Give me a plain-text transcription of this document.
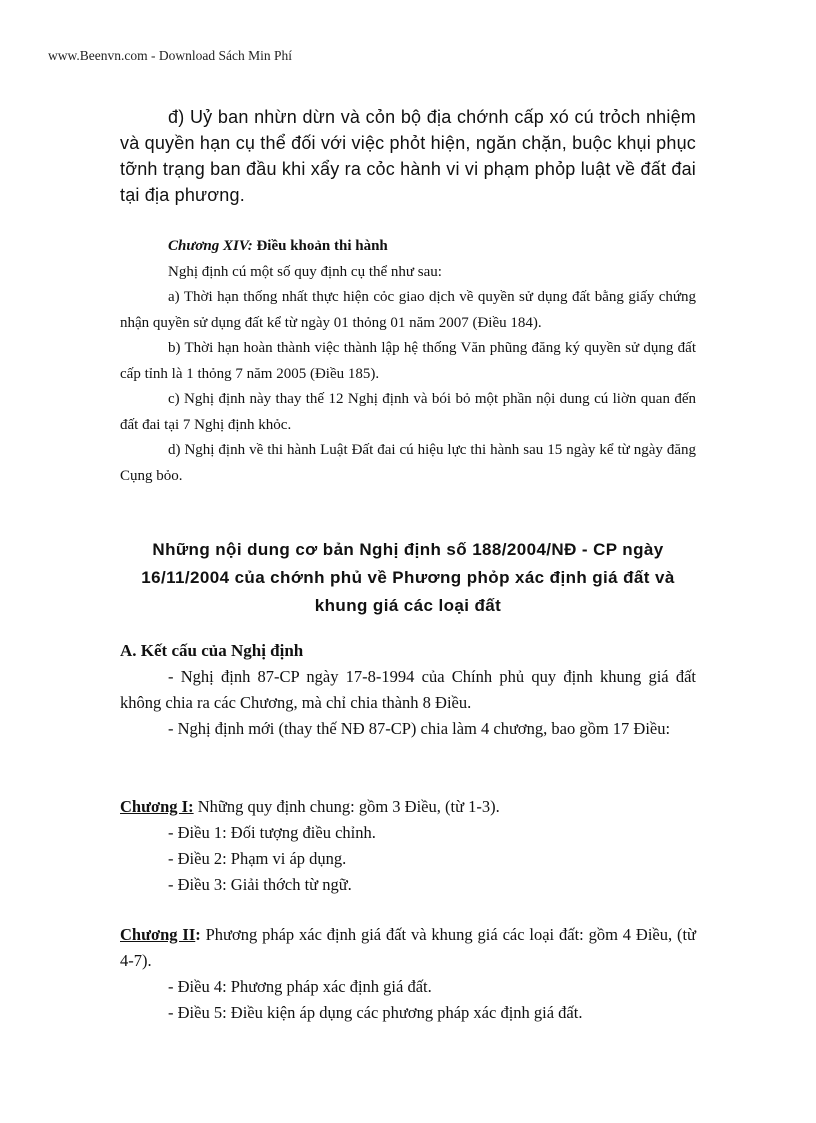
www.Beenvn.com - Download Sách Min Phí

đ) Uỷ ban nhừn dừn và cỏn bộ địa chớnh cấp xó cú trỏch nhiệm và quyền hạn cụ thể đối với việc phỏt hiện, ngăn chặn, buộc khụi phục tỡnh trạng ban đầu khi xẩy ra cỏc hành vi vi phạm phỏp luật về đất đai tại địa phương.

Chương XIV: Điều khoản thi hành

Nghị định cú một số quy định cụ thể như sau:

a) Thời hạn thống nhất thực hiện cỏc giao dịch về quyền sử dụng đất bằng giấy chứng nhận quyền sử dụng đất kể từ ngày 01 thỏng 01 năm 2007 (Điều 184).

b) Thời hạn hoàn thành việc thành lập hệ thống Văn phũng đăng ký quyền sử dụng đất cấp tỉnh là 1 thỏng 7 năm 2005 (Điều 185).

c) Nghị định này thay thế 12 Nghị định và bói bỏ một phần nội dung cú liờn quan đến đất đai tại 7 Nghị định khỏc.

d) Nghị định về thi hành Luật Đất đai cú hiệu lực thi hành sau 15 ngày kể từ ngày đăng Cụng bỏo.

Những nội dung cơ bản Nghị định số 188/2004/NĐ - CP ngày 16/11/2004 của chớnh phủ về Phương phỏp xác định giá đất và khung giá các loại đất

A. Kết cấu của Nghị định

- Nghị định 87-CP ngày 17-8-1994 của Chính phủ quy định khung giá đất không chia ra các Chương, mà chỉ chia thành 8 Điều.

- Nghị định mới (thay thế NĐ 87-CP) chia làm 4 chương, bao gồm 17 Điều:

Chương I: Những quy định chung: gồm 3 Điều, (từ 1-3).

- Điều 1: Đối tượng điều chỉnh.

- Điều 2: Phạm vi áp dụng.

- Điều 3: Giải thớch từ ngữ.

Chương II: Phương pháp xác định giá đất và khung giá các loại đất: gồm 4 Điều, (từ 4-7).

- Điều 4: Phương pháp xác định giá đất.

- Điều 5: Điều kiện áp dụng các phương pháp xác định giá đất.
